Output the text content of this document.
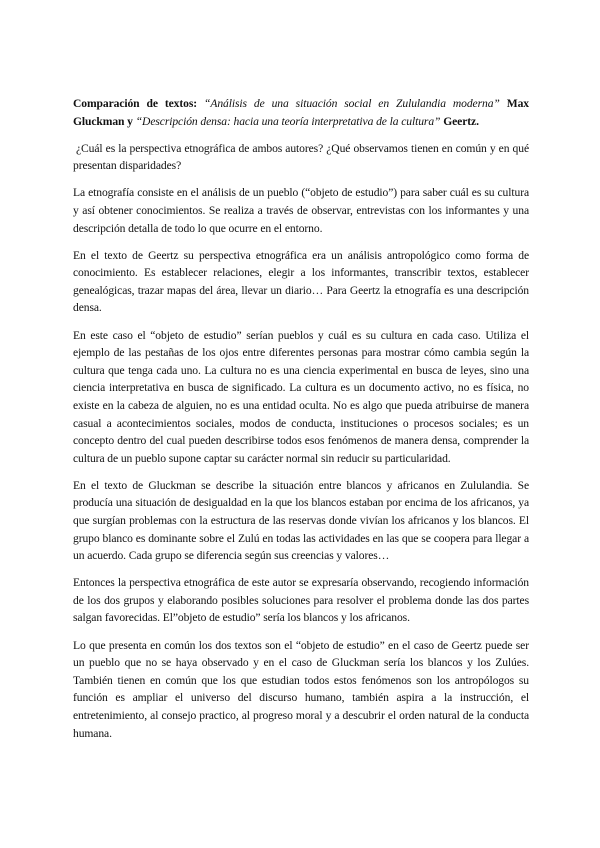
Comparación de textos: “Análisis de una situación social en Zululandia moderna” Max Gluckman y “Descripción densa: hacia una teoría interpretativa de la cultura” Geertz.

¿Cuál es la perspectiva etnográfica de ambos autores? ¿Qué observamos tienen en común y en qué presentan disparidades?

La etnografía consiste en el análisis de un pueblo (“objeto de estudio”) para saber cuál es su cultura y así obtener conocimientos. Se realiza a través de observar, entrevistas con los informantes y una descripción detalla de todo lo que ocurre en el entorno.

En el texto de Geertz su perspectiva etnográfica era un análisis antropológico como forma de conocimiento. Es establecer relaciones, elegir a los informantes, transcribir textos, establecer genealógicas, trazar mapas del área, llevar un diario… Para Geertz la etnografía es una descripción densa.

En este caso el “objeto de estudio” serían pueblos y cuál es su cultura en cada caso. Utiliza el ejemplo de las pestañas de los ojos entre diferentes personas para mostrar cómo cambia según la cultura que tenga cada uno. La cultura no es una ciencia experimental en busca de leyes, sino una ciencia interpretativa en busca de significado. La cultura es un documento activo, no es física, no existe en la cabeza de alguien, no es una entidad oculta. No es algo que pueda atribuirse de manera casual a acontecimientos sociales, modos de conducta, instituciones o procesos sociales; es un concepto dentro del cual pueden describirse todos esos fenómenos de manera densa, comprender la cultura de un pueblo supone captar su carácter normal sin reducir su particularidad.

En el texto de Gluckman se describe la situación entre blancos y africanos en Zululandia. Se producía una situación de desigualdad en la que los blancos estaban por encima de los africanos, ya que surgían problemas con la estructura de las reservas donde vivían los africanos y los blancos. El grupo blanco es dominante sobre el Zulú en todas las actividades en las que se coopera para llegar a un acuerdo. Cada grupo se diferencia según sus creencias y valores…

Entonces la perspectiva etnográfica de este autor se expresaría observando, recogiendo información de los dos grupos y elaborando posibles soluciones para resolver el problema donde las dos partes salgan favorecidas. El”objeto de estudio” sería los blancos y los africanos.

Lo que presenta en común los dos textos son el “objeto de estudio” en el caso de Geertz puede ser un pueblo que no se haya observado y en el caso de Gluckman sería los blancos y los Zulúes. También tienen en común que los que estudian todos estos fenómenos son los antropólogos su función es ampliar el universo del discurso humano, también aspira a la instrucción, el entretenimiento, al consejo practico, al progreso moral y a descubrir el orden natural de la conducta humana.
